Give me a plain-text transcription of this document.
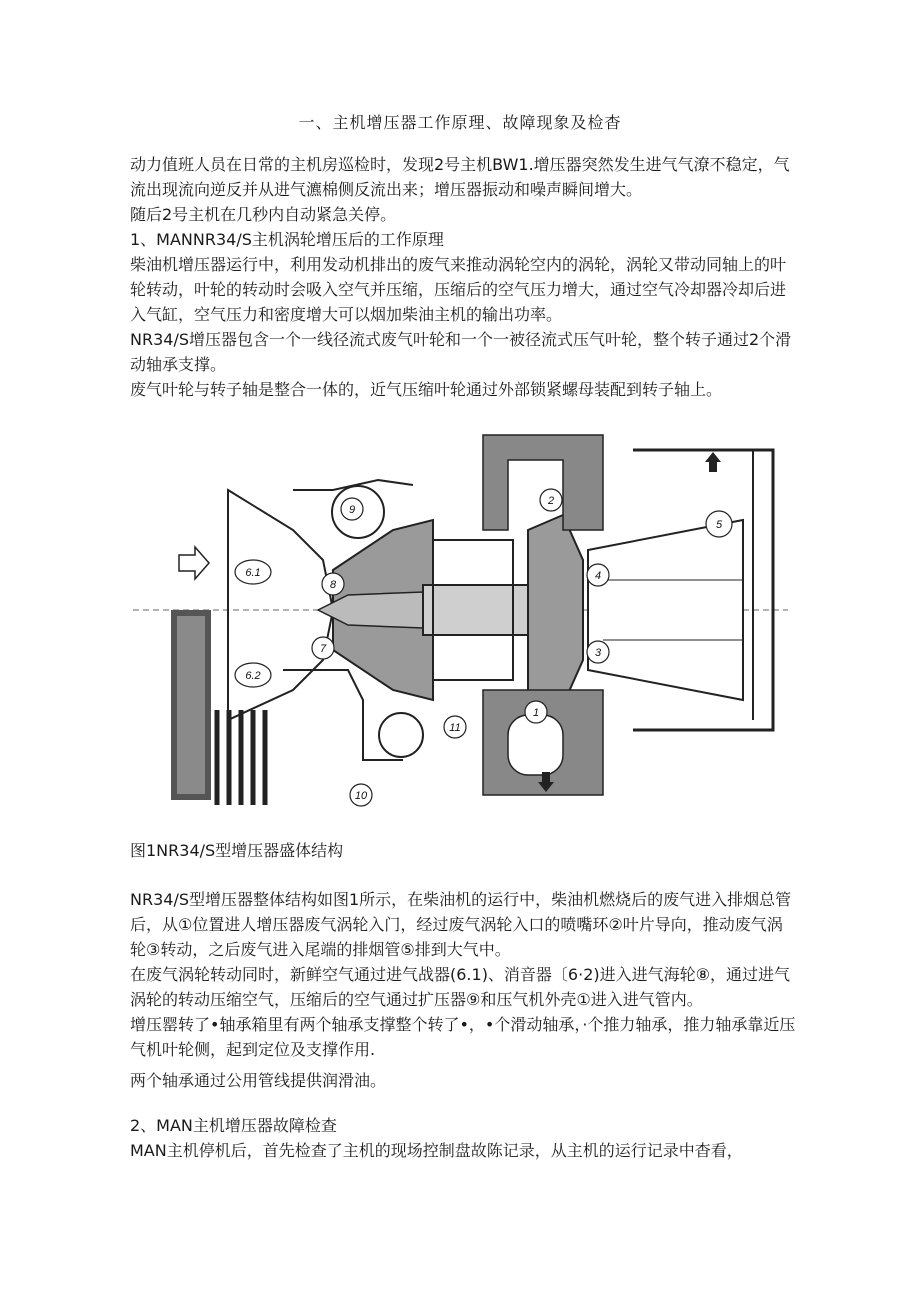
一、主机增压器工作原理、故障现象及检杳

动力值班人员在日常的主机房巡检时，发现2号主机BW1.增压器突然发生进气气潦不稳定，气流出现流向逆反并从进气瀌棉侧反流出来；增压器振动和噪声瞬间增大。

随后2号主机在几秒内自动紧急关停。

1、MANNR34/S主机涡轮增压后的工作原理

柴油机增压器运行中，利用发动机排出的废气来推动涡轮空内的涡轮，涡轮又带动同轴上的叶轮转动，叶轮的转动时会吸入空气并压缩，压缩后的空气压力增大，通过空气冷却器冷却后进入气缸，空气压力和密度增大可以烟加柴油主机的输出功率。

NR34/S增压器包含一个一线径流式废气叶轮和一个一被径流式压气叶轮，整个转子通过2个滑动轴承支撑。

废气叶轮与转子轴是整合一体的，近气压缩叶轮通过外部锁紧螺母装配到转子轴上。

6.1
6.2
8
9
7
10
11
2
4
3
1
5
图1NR34/S型增压器盛体结构

NR34/S型增压器整体结构如图1所示，在柴油机的运行中，柴油机燃烧后的废气进入排烟总管后，从①位置进人增压器废气涡轮入门，经过废气涡轮入口的喷嘴环②叶片导向，推动废气涡轮③转动，之后废气进入尾端的排烟管⑤排到大气中。

在废气涡轮转动同时，新鲜空气通过进气战器(6.1)、消音器〔6·2)进入进气海轮⑧，通过进气涡轮的转动压缩空气，压缩后的空气通过扩压器⑨和压气机外壳①进入进气管内。

增压罂转了•轴承箱里有两个轴承支撑整个转了•，•个滑动轴承，·个推力轴承，推力轴承靠近压气机叶轮侧，起到定位及支撑作用.

两个轴承通过公用管线提供润滑油。

2、MAN主机增压器故障检查

MAN主机停机后，首先检查了主机的现场控制盘故陈记录，从主机的运行记录中杳看，
